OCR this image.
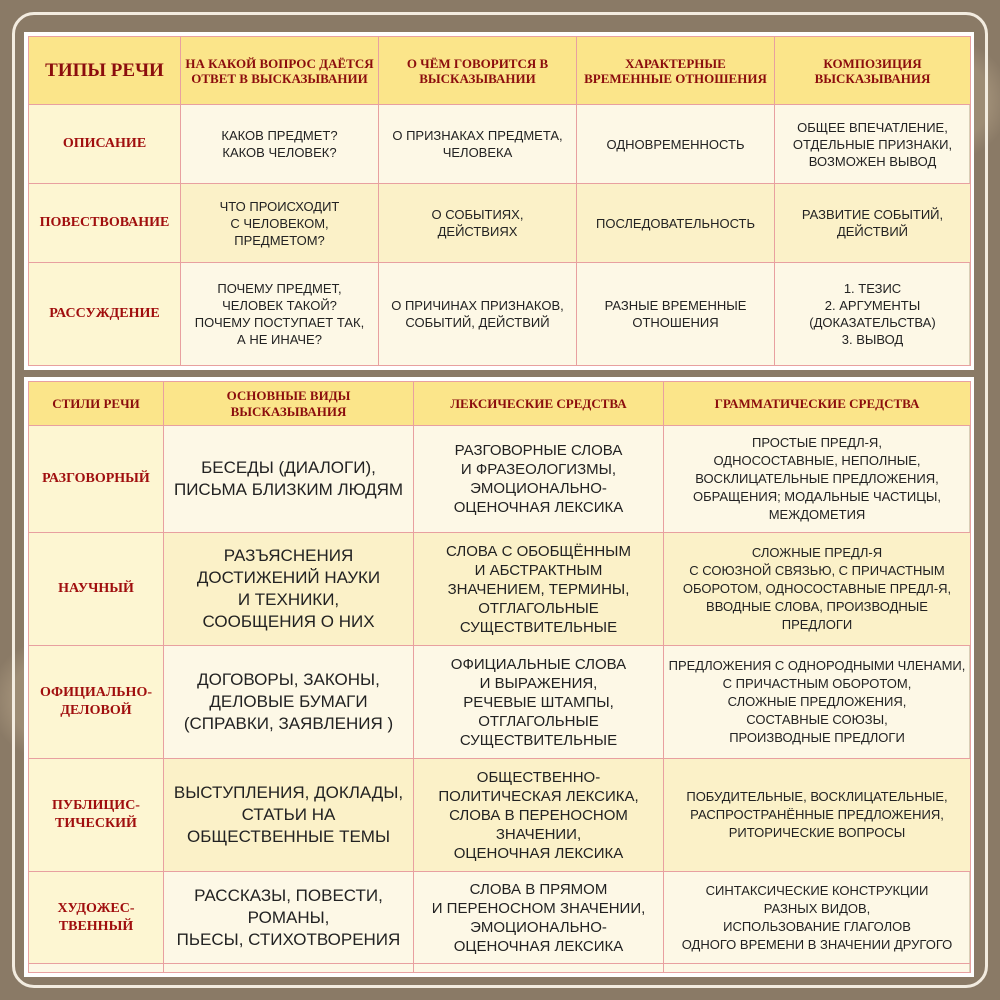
ТИПЫ РЕЧИ	НА КАКОЙ ВОПРОС ДАЁТСЯ ОТВЕТ В ВЫСКАЗЫВАНИИ	О ЧЁМ ГОВОРИТСЯ В ВЫСКАЗЫВАНИИ	ХАРАКТЕРНЫЕ ВРЕМЕННЫЕ ОТНОШЕНИЯ	КОМПОЗИЦИЯ ВЫСКАЗЫВАНИЯ
ОПИСАНИЕ	КАКОВ ПРЕДМЕТ?
КАКОВ ЧЕЛОВЕК?	О ПРИЗНАКАХ ПРЕДМЕТА,
ЧЕЛОВЕКА	ОДНОВРЕМЕННОСТЬ	ОБЩЕЕ ВПЕЧАТЛЕНИЕ,
ОТДЕЛЬНЫЕ ПРИЗНАКИ,
ВОЗМОЖЕН ВЫВОД
ПОВЕСТВОВАНИЕ	ЧТО ПРОИСХОДИТ
С ЧЕЛОВЕКОМ,
ПРЕДМЕТОМ?	О СОБЫТИЯХ,
ДЕЙСТВИЯХ	ПОСЛЕДОВАТЕЛЬНОСТЬ	РАЗВИТИЕ СОБЫТИЙ,
ДЕЙСТВИЙ
РАССУЖДЕНИЕ	ПОЧЕМУ ПРЕДМЕТ,
ЧЕЛОВЕК ТАКОЙ?
ПОЧЕМУ ПОСТУПАЕТ ТАК,
А НЕ ИНАЧЕ?	О ПРИЧИНАХ ПРИЗНАКОВ,
СОБЫТИЙ, ДЕЙСТВИЙ	РАЗНЫЕ ВРЕМЕННЫЕ
ОТНОШЕНИЯ	1. ТЕЗИС
2. АРГУМЕНТЫ
(ДОКАЗАТЕЛЬСТВА)
3. ВЫВОД
СТИЛИ РЕЧИ	ОСНОВНЫЕ ВИДЫ ВЫСКАЗЫВАНИЯ	ЛЕКСИЧЕСКИЕ СРЕДСТВА	ГРАММАТИЧЕСКИЕ СРЕДСТВА
РАЗГОВОРНЫЙ	БЕСЕДЫ (ДИАЛОГИ),
ПИСЬМА БЛИЗКИМ ЛЮДЯМ	РАЗГОВОРНЫЕ СЛОВА
И ФРАЗЕОЛОГИЗМЫ,
ЭМОЦИОНАЛЬНО-
ОЦЕНОЧНАЯ ЛЕКСИКА	ПРОСТЫЕ ПРЕДЛ-Я,
ОДНОСОСТАВНЫЕ, НЕПОЛНЫЕ,
ВОСКЛИЦАТЕЛЬНЫЕ ПРЕДЛОЖЕНИЯ,
ОБРАЩЕНИЯ; МОДАЛЬНЫЕ ЧАСТИЦЫ,
МЕЖДОМЕТИЯ
НАУЧНЫЙ	РАЗЪЯСНЕНИЯ
ДОСТИЖЕНИЙ НАУКИ
И ТЕХНИКИ,
СООБЩЕНИЯ О НИХ	СЛОВА С ОБОБЩЁННЫМ
И АБСТРАКТНЫМ
ЗНАЧЕНИЕМ, ТЕРМИНЫ,
ОТГЛАГОЛЬНЫЕ
СУЩЕСТВИТЕЛЬНЫЕ	СЛОЖНЫЕ ПРЕДЛ-Я
С СОЮЗНОЙ СВЯЗЬЮ, С ПРИЧАСТНЫМ
ОБОРОТОМ, ОДНОСОСТАВНЫЕ ПРЕДЛ-Я,
ВВОДНЫЕ СЛОВА, ПРОИЗВОДНЫЕ
ПРЕДЛОГИ
ОФИЦИАЛЬНО-
ДЕЛОВОЙ	ДОГОВОРЫ, ЗАКОНЫ,
ДЕЛОВЫЕ БУМАГИ
(СПРАВКИ, ЗАЯВЛЕНИЯ )	ОФИЦИАЛЬНЫЕ СЛОВА
И ВЫРАЖЕНИЯ,
РЕЧЕВЫЕ ШТАМПЫ,
ОТГЛАГОЛЬНЫЕ
СУЩЕСТВИТЕЛЬНЫЕ	ПРЕДЛОЖЕНИЯ С ОДНОРОДНЫМИ ЧЛЕНАМИ,
С ПРИЧАСТНЫМ ОБОРОТОМ,
СЛОЖНЫЕ ПРЕДЛОЖЕНИЯ,
СОСТАВНЫЕ СОЮЗЫ,
ПРОИЗВОДНЫЕ ПРЕДЛОГИ
ПУБЛИЦИС-
ТИЧЕСКИЙ	ВЫСТУПЛЕНИЯ, ДОКЛАДЫ,
СТАТЬИ НА
ОБЩЕСТВЕННЫЕ ТЕМЫ	ОБЩЕСТВЕННО-
ПОЛИТИЧЕСКАЯ ЛЕКСИКА,
СЛОВА В ПЕРЕНОСНОМ
ЗНАЧЕНИИ,
ОЦЕНОЧНАЯ ЛЕКСИКА	ПОБУДИТЕЛЬНЫЕ, ВОСКЛИЦАТЕЛЬНЫЕ,
РАСПРОСТРАНЁННЫЕ ПРЕДЛОЖЕНИЯ,
РИТОРИЧЕСКИЕ ВОПРОСЫ
ХУДОЖЕС-
ТВЕННЫЙ	РАССКАЗЫ, ПОВЕСТИ,
РОМАНЫ,
ПЬЕСЫ, СТИХОТВОРЕНИЯ	СЛОВА В ПРЯМОМ
И ПЕРЕНОСНОМ ЗНАЧЕНИИ,
ЭМОЦИОНАЛЬНО-
ОЦЕНОЧНАЯ ЛЕКСИКА	СИНТАКСИЧЕСКИЕ КОНСТРУКЦИИ
РАЗНЫХ ВИДОВ,
ИСПОЛЬЗОВАНИЕ ГЛАГОЛОВ
ОДНОГО ВРЕМЕНИ В ЗНАЧЕНИИ ДРУГОГО
